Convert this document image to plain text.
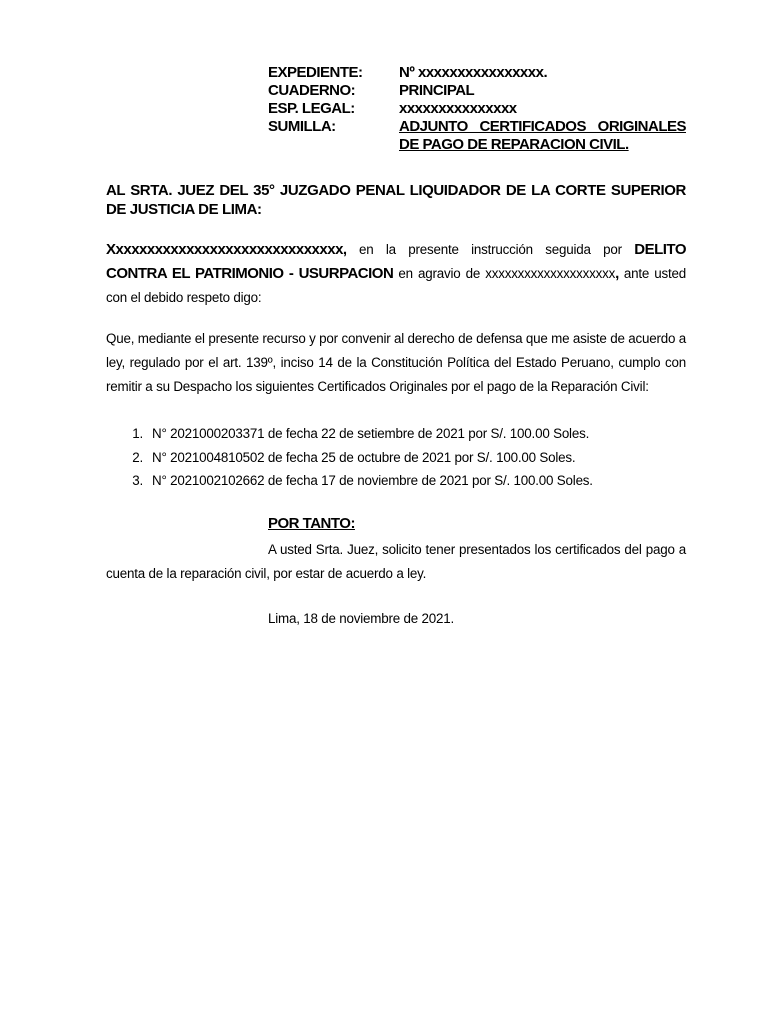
EXPEDIENTE:	Nº xxxxxxxxxxxxxxxx.
CUADERNO:	PRINCIPAL
ESP. LEGAL:	xxxxxxxxxxxxxxx
SUMILLA:	ADJUNTO CERTIFICADOS ORIGINALES DE PAGO DE REPARACION CIVIL.
AL SRTA. JUEZ DEL 35° JUZGADO PENAL LIQUIDADOR DE LA CORTE SUPERIOR DE JUSTICIA DE LIMA:
Xxxxxxxxxxxxxxxxxxxxxxxxxxxxxx, en la presente instrucción seguida por DELITO CONTRA EL PATRIMONIO - USURPACION en agravio de xxxxxxxxxxxxxxxxxxxx, ante usted con el debido respeto digo:
Que, mediante el presente recurso y por convenir al derecho de defensa que me asiste de acuerdo a ley, regulado por el art. 139º, inciso 14 de la Constitución Política del Estado Peruano, cumplo con remitir a su Despacho los siguientes Certificados Originales por el pago de la Reparación Civil:
1. N° 2021000203371 de fecha 22 de setiembre de 2021 por S/. 100.00 Soles.
2. N° 2021004810502 de fecha 25 de octubre de 2021 por S/. 100.00 Soles.
3. N° 2021002102662 de fecha 17 de noviembre de 2021 por S/. 100.00 Soles.
POR TANTO:
A usted Srta. Juez, solicito tener presentados los certificados del pago a cuenta de la reparación civil, por estar de acuerdo a ley.
Lima, 18 de noviembre de 2021.
